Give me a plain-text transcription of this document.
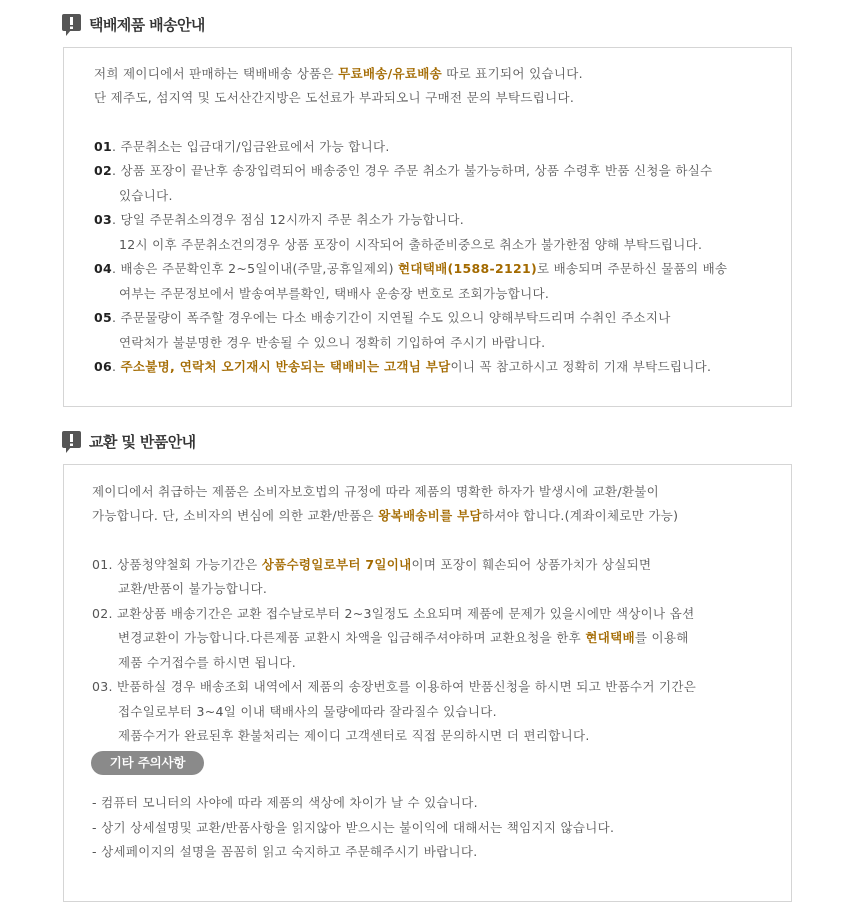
택배제품 배송안내
저희 제이디에서 판매하는 택배배송 상품은 무료배송/유료배송 따로 표기되어 있습니다.
단 제주도, 섬지역 및 도서산간지방은 도선료가 부과되오니 구매전 문의 부탁드립니다.
01. 주문취소는 입금대기/입금완료에서 가능 합니다.
02. 상품 포장이 끝난후 송장입력되어 배송중인 경우 주문 취소가 불가능하며, 상품 수령후 반품 신청을 하실수
있습니다.
03. 당일 주문취소의경우 점심 12시까지 주문 취소가 가능합니다.
12시 이후 주문취소건의경우 상품 포장이 시작되어 출하준비중으로 취소가 불가한점 양해 부탁드립니다.
04. 배송은 주문확인후 2~5일이내(주말,공휴일제외) 현대택배(1588-2121)로 배송되며 주문하신 물품의 배송
여부는 주문정보에서 발송여부를확인, 택배사 운송장 번호로 조회가능합니다.
05. 주문물량이 폭주할 경우에는 다소 배송기간이 지연될 수도 있으니 양해부탁드리며 수취인 주소지나
연락처가 불분명한 경우 반송될 수 있으니 정확히 기입하여 주시기 바랍니다.
06. 주소불명, 연락처 오기재시 반송되는 택배비는 고객님 부담이니 꼭 참고하시고 정확히 기재 부탁드립니다.
교환 및 반품안내
제이디에서 취급하는 제품은 소비자보호법의 규정에 따라 제품의 명확한 하자가 발생시에 교환/환불이
가능합니다. 단, 소비자의 변심에 의한 교환/반품은 왕복배송비를 부담하셔야 합니다.(계좌이체로만 가능)
01. 상품청약철회 가능기간은 상품수령일로부터 7일이내이며 포장이 훼손되어 상품가치가 상실되면
교환/반품이 불가능합니다.
02. 교환상품 배송기간은 교환 접수날로부터 2~3일정도 소요되며 제품에 문제가 있을시에만 색상이나 옵션
변경교환이 가능합니다.다른제품 교환시 차액을 입금해주셔야하며 교환요청을 한후 현대택배를 이용해
제품 수거접수를 하시면 됩니다.
03. 반품하실 경우 배송조회 내역에서 제품의 송장번호를 이용하여 반품신청을 하시면 되고 반품수거 기간은
접수일로부터 3~4일 이내 택배사의 물량에따라 잘라질수 있습니다.
제품수거가 완료된후 환불처리는 제이디 고객센터로 직접 문의하시면 더 편리합니다.
기타 주의사항
- 컴퓨터 모니터의 사야에 따라 제품의 색상에 차이가 날 수 있습니다.
- 상기 상세설명및 교환/반품사항을 읽지않아 받으시는 불이익에 대해서는 책임지지 않습니다.
- 상세페이지의 설명을 꼼꼼히 읽고 숙지하고 주문해주시기 바랍니다.
